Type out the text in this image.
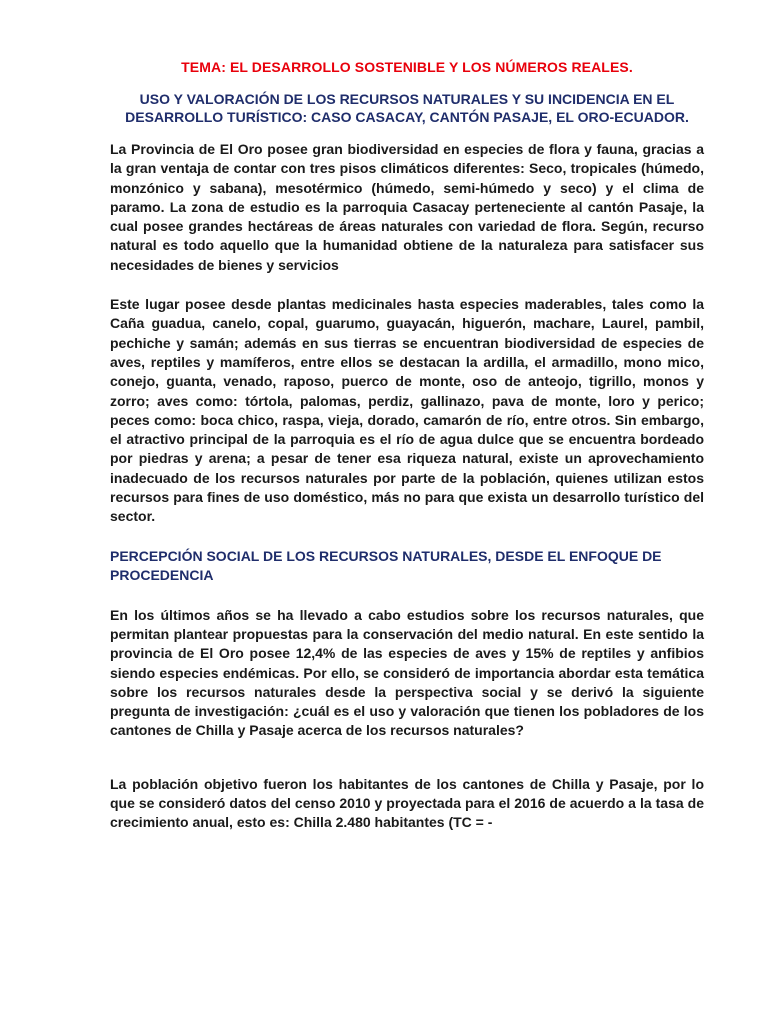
TEMA: EL DESARROLLO SOSTENIBLE Y LOS NÚMEROS REALES.
USO Y VALORACIÓN DE LOS RECURSOS NATURALES Y SU INCIDENCIA EN EL DESARROLLO TURÍSTICO: CASO CASACAY, CANTÓN PASAJE, EL ORO-ECUADOR.

La Provincia de El Oro posee gran biodiversidad en especies de flora y fauna, gracias a la gran ventaja de contar con tres pisos climáticos diferentes: Seco, tropicales (húmedo, monzónico y sabana), mesotérmico (húmedo, semi-húmedo y seco) y el clima de paramo. La zona de estudio es la parroquia Casacay perteneciente al cantón Pasaje, la cual posee grandes hectáreas de áreas naturales con variedad de flora. Según, recurso natural es todo aquello que la humanidad obtiene de la naturaleza para satisfacer sus necesidades de bienes y servicios

Este lugar posee desde plantas medicinales hasta especies maderables, tales como la Caña guadua, canelo, copal, guarumo, guayacán, higuerón, machare, Laurel, pambil, pechiche y samán; además en sus tierras se encuentran biodiversidad de especies de aves, reptiles y mamíferos, entre ellos se destacan la ardilla, el armadillo, mono mico, conejo, guanta, venado, raposo, puerco de monte, oso de anteojo, tigrillo, monos y zorro; aves como: tórtola, palomas, perdiz, gallinazo, pava de monte, loro y perico; peces como: boca chico, raspa, vieja, dorado, camarón de río, entre otros. Sin embargo, el atractivo principal de la parroquia es el río de agua dulce que se encuentra bordeado por piedras y arena; a pesar de tener esa riqueza natural, existe un aprovechamiento inadecuado de los recursos naturales por parte de la población, quienes utilizan estos recursos para fines de uso doméstico, más no para que exista un desarrollo turístico del sector.

PERCEPCIÓN SOCIAL DE LOS RECURSOS NATURALES, DESDE EL ENFOQUE DE PROCEDENCIA

En los últimos años se ha llevado a cabo estudios sobre los recursos naturales, que permitan plantear propuestas para la conservación del medio natural. En este sentido la provincia de El Oro posee 12,4% de las especies de aves y 15% de reptiles y anfibios siendo especies endémicas. Por ello, se consideró de importancia abordar esta temática sobre los recursos naturales desde la perspectiva social y se derivó la siguiente pregunta de investigación: ¿cuál es el uso y valoración que tienen los pobladores de los cantones de Chilla y Pasaje acerca de los recursos naturales?

La población objetivo fueron los habitantes de los cantones de Chilla y Pasaje, por lo que se consideró datos del censo 2010 y proyectada para el 2016 de acuerdo a la tasa de crecimiento anual, esto es: Chilla 2.480 habitantes (TC = -
